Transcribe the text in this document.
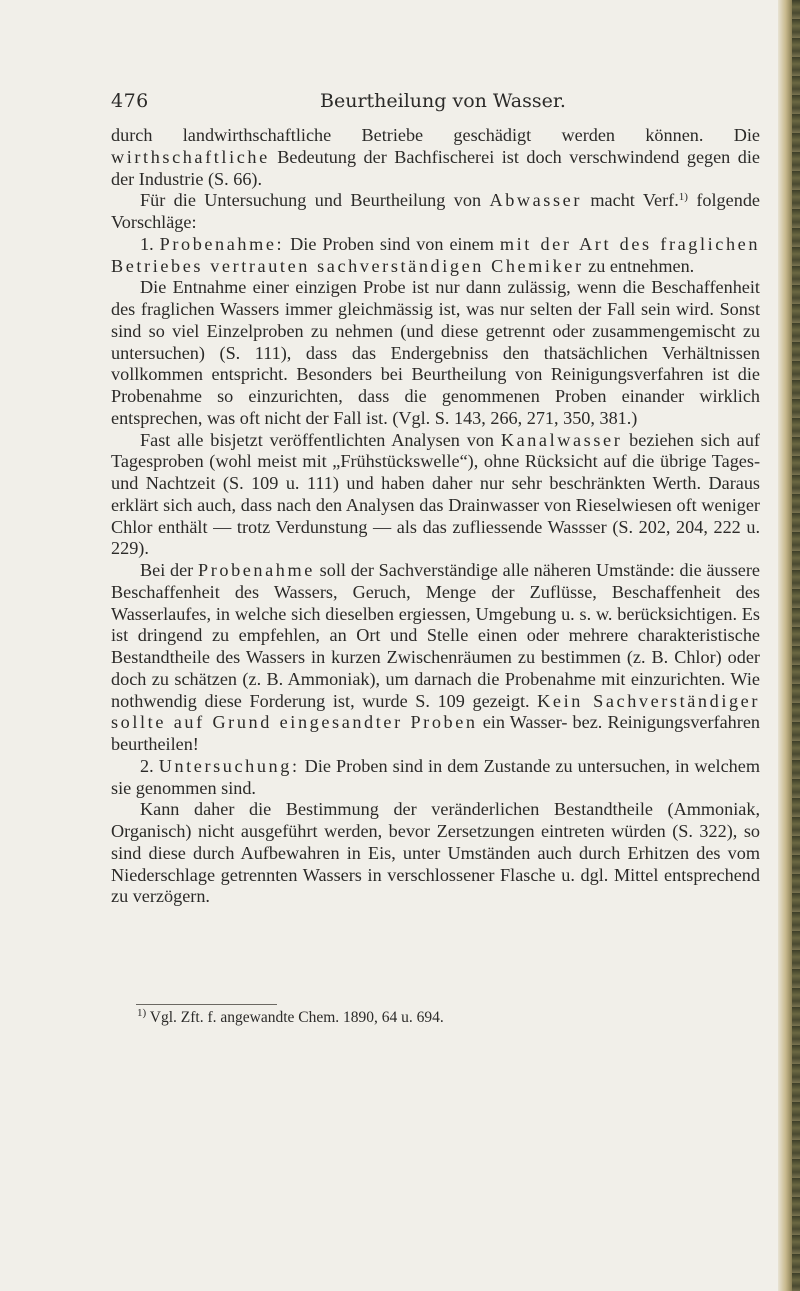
476	Beurtheilung von Wasser.

durch landwirthschaftliche Betriebe geschädigt werden können. Die wirthschaftliche Bedeutung der Bachfischerei ist doch verschwindend gegen die der Industrie (S. 66).

Für die Untersuchung und Beurtheilung von Abwasser macht Verf.$^{1)}$ folgende Vorschläge:

1. Probenahme: Die Proben sind von einem mit der Art des fraglichen Betriebes vertrauten sachverständigen Chemiker zu entnehmen.

Die Entnahme einer einzigen Probe ist nur dann zulässig, wenn die Beschaffenheit des fraglichen Wassers immer gleichmässig ist, was nur selten der Fall sein wird. Sonst sind so viel Einzelproben zu nehmen (und diese getrennt oder zusammengemischt zu untersuchen) (S. 111), dass das Endergebniss den thatsächlichen Verhältnissen vollkommen entspricht. Besonders bei Beurtheilung von Reinigungsverfahren ist die Probenahme so einzurichten, dass die genommenen Proben einander wirklich entsprechen, was oft nicht der Fall ist. (Vgl. S. 143, 266, 271, 350, 381.)

Fast alle bisjetzt veröffentlichten Analysen von Kanalwasser beziehen sich auf Tagesproben (wohl meist mit „Frühstückswelle“), ohne Rücksicht auf die übrige Tages- und Nachtzeit (S. 109 u. 111) und haben daher nur sehr beschränkten Werth. Daraus erklärt sich auch, dass nach den Analysen das Drainwasser von Rieselwiesen oft weniger Chlor enthält — trotz Verdunstung — als das zufliessende Wassser (S. 202, 204, 222 u. 229).

Bei der Probenahme soll der Sachverständige alle näheren Umstände: die äussere Beschaffenheit des Wassers, Geruch, Menge der Zuflüsse, Beschaffenheit des Wasserlaufes, in welche sich dieselben ergiessen, Umgebung u. s. w. berücksichtigen. Es ist dringend zu empfehlen, an Ort und Stelle einen oder mehrere charakteristische Bestandtheile des Wassers in kurzen Zwischenräumen zu bestimmen (z. B. Chlor) oder doch zu schätzen (z. B. Ammoniak), um darnach die Probenahme mit einzurichten. Wie nothwendig diese Forderung ist, wurde S. 109 gezeigt. Kein Sachverständiger sollte auf Grund eingesandter Proben ein Wasser- bez. Reinigungsverfahren beurtheilen!

2. Untersuchung: Die Proben sind in dem Zustande zu untersuchen, in welchem sie genommen sind.

Kann daher die Bestimmung der veränderlichen Bestandtheile (Ammoniak, Organisch) nicht ausgeführt werden, bevor Zersetzungen eintreten würden (S. 322), so sind diese durch Aufbewahren in Eis, unter Umständen auch durch Erhitzen des vom Niederschlage getrennten Wassers in verschlossener Flasche u. dgl. Mittel entsprechend zu verzögern.

$^{1)}$ Vgl. Zft. f. angewandte Chem. 1890, 64 u. 694.
